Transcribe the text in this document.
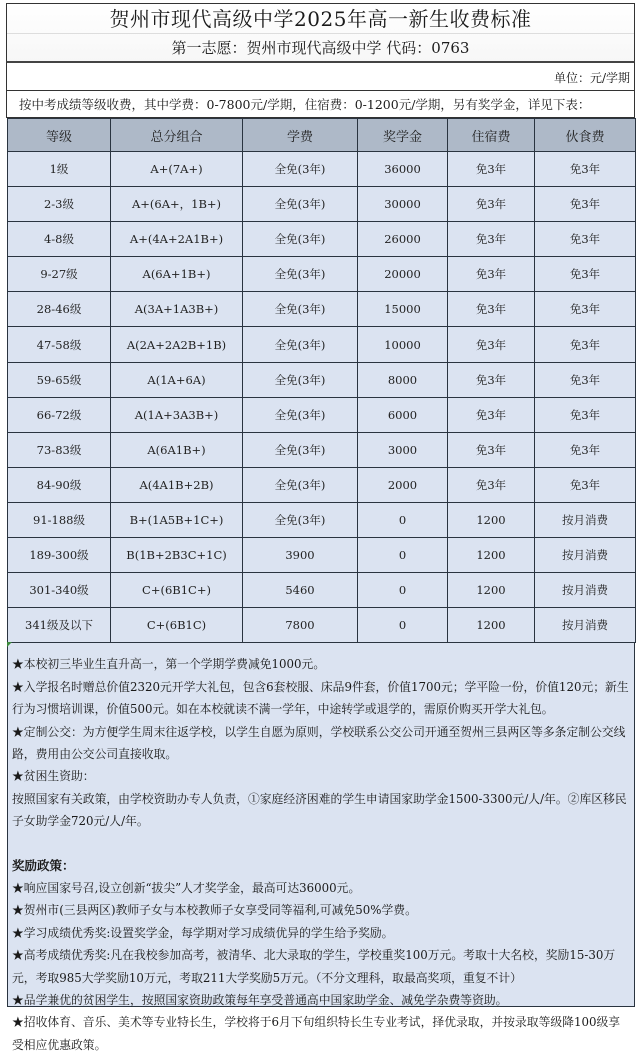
贺州市现代高级中学2025年高一新生收费标准
第一志愿：贺州市现代高级中学 代码：0763
单位：元/学期
按中考成绩等级收费，其中学费：0-7800元/学期，住宿费：0-1200元/学期，另有奖学金，详见下表：
等级	总分组合	学费	奖学金	住宿费	伙食费
1级	A+(7A+)	全免(3年)	36000	免3年	免3年
2-3级	A+(6A+，1B+)	全免(3年)	30000	免3年	免3年
4-8级	A+(4A+2A1B+)	全免(3年)	26000	免3年	免3年
9-27级	A(6A+1B+)	全免(3年)	20000	免3年	免3年
28-46级	A(3A+1A3B+)	全免(3年)	15000	免3年	免3年
47-58级	A(2A+2A2B+1B)	全免(3年)	10000	免3年	免3年
59-65级	A(1A+6A)	全免(3年)	8000	免3年	免3年
66-72级	A(1A+3A3B+)	全免(3年)	6000	免3年	免3年
73-83级	A(6A1B+)	全免(3年)	3000	免3年	免3年
84-90级	A(4A1B+2B)	全免(3年)	2000	免3年	免3年
91-188级	B+(1A5B+1C+)	全免(3年)	0	1200	按月消费
189-300级	B(1B+2B3C+1C)	3900	0	1200	按月消费
301-340级	C+(6B1C+)	5460	0	1200	按月消费
341级及以下	C+(6B1C)	7800	0	1200	按月消费

★本校初三毕业生直升高一，第一个学期学费减免1000元。

★入学报名时赠总价值2320元开学大礼包，包含6套校服、床品9件套，价值1700元；学平险一份，价值120元；新生行为习惯培训课，价值500元。如在本校就读不满一学年，中途转学或退学的，需原价购买开学大礼包。

★定制公交：为方便学生周末往返学校，以学生自愿为原则，学校联系公交公司开通至贺州三县两区等多条定制公交线路，费用由公交公司直接收取。

★贫困生资助：

按照国家有关政策，由学校资助办专人负责，①家庭经济困难的学生申请国家助学金1500-3300元/人/年。②库区移民子女助学金720元/人/年。

奖励政策：

★响应国家号召,设立创新“拔尖”人才奖学金，最高可达36000元。

★贺州市(三县两区)教师子女与本校教师子女享受同等福利,可减免50%学费。

★学习成绩优秀奖:设置奖学金，每学期对学习成绩优异的学生给予奖励。

★高考成绩优秀奖:凡在我校参加高考，被清华、北大录取的学生，学校重奖100万元。考取十大名校，奖励15-30万元，考取985大学奖励10万元，考取211大学奖励5万元。（不分文理科，取最高奖项，重复不计）

★品学兼优的贫困学生，按照国家资助政策每年享受普通高中国家助学金、减免学杂费等资助。

★招收体育、音乐、美术等专业特长生，学校将于6月下旬组织特长生专业考试，择优录取，并按录取等级降100级享受相应优惠政策。
